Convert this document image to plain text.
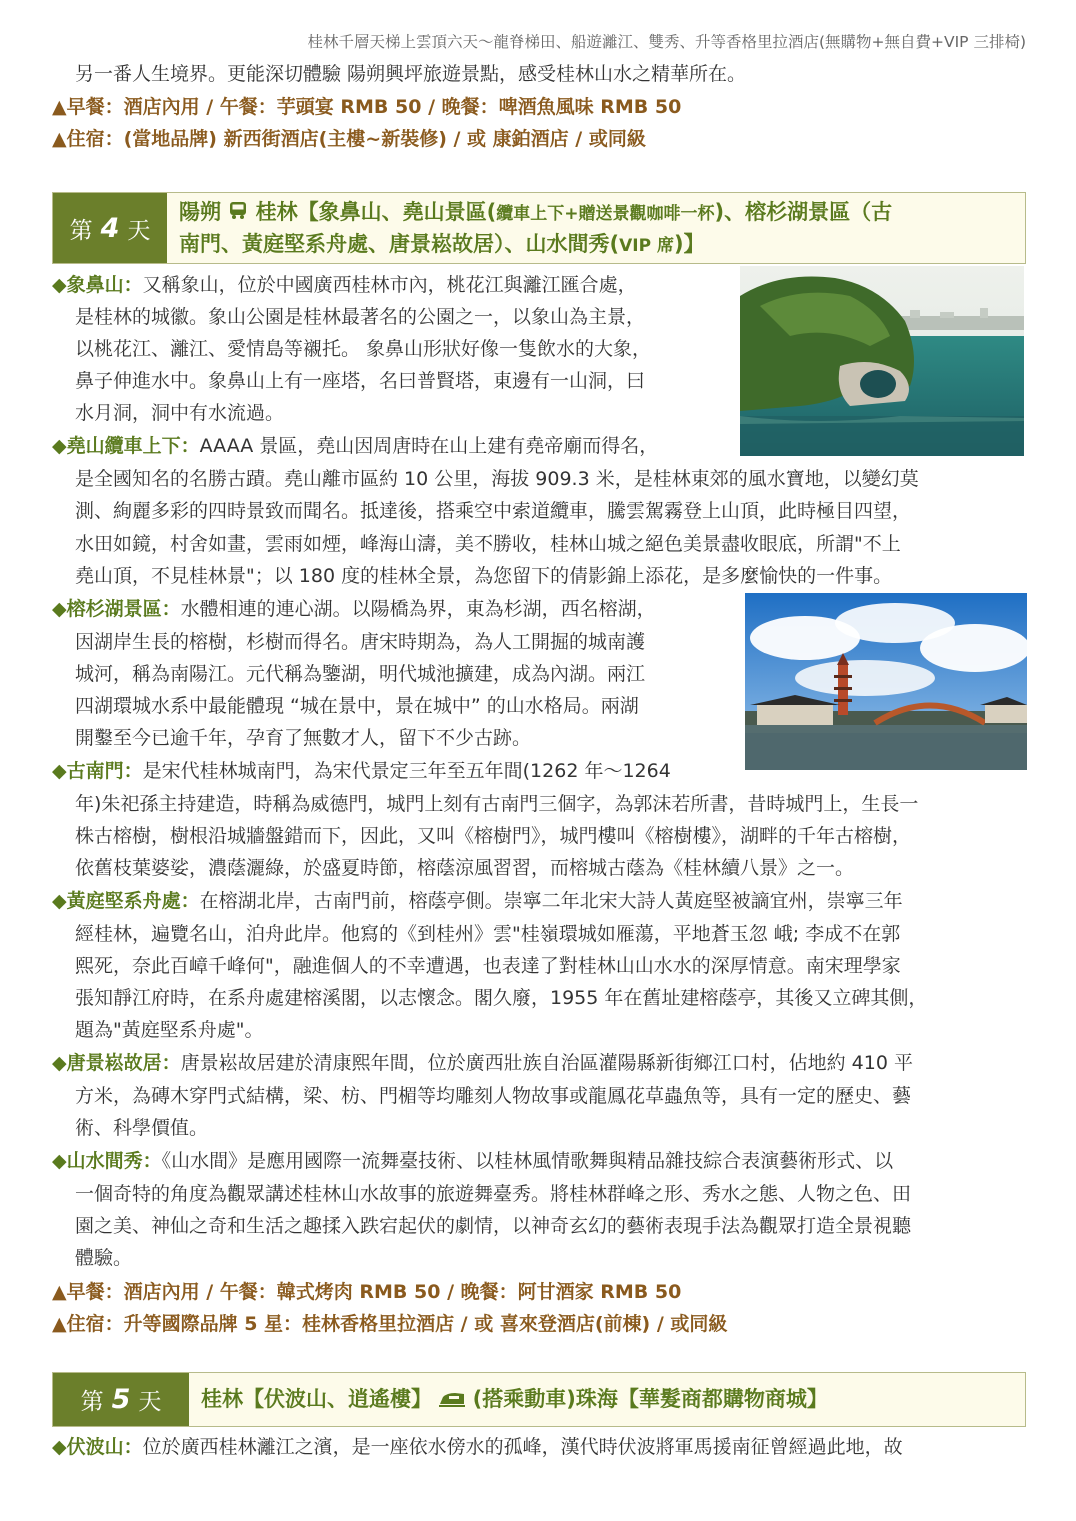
桂林千層天梯上雲頂六天～龍脊梯田、船遊灕江、雙秀、升等香格里拉酒店(無購物+無自費+VIP 三排椅)
另一番人生境界。更能深切體驗 陽朔興坪旅遊景點，感受桂林山水之精華所在。
▲早餐：酒店內用 / 午餐：芋頭宴 RMB 50 / 晚餐：啤酒魚風味 RMB 50
▲住宿：(當地品牌) 新西街酒店(主樓~新裝修) / 或 康鉑酒店 / 或同級
第 4 天
陽朔 桂林【象鼻山、堯山景區(纜車上下+贈送景觀咖啡一杯)、榕杉湖景區（古
南門、黃庭堅系舟處、唐景崧故居）、山水間秀(VIP 席)】
◆象鼻山：又稱象山，位於中國廣西桂林市內，桃花江與灕江匯合處，
是桂林的城徽。象山公園是桂林最著名的公園之一，以象山為主景，
以桃花江、灕江、愛情島等襯托。 象鼻山形狀好像一隻飲水的大象，
鼻子伸進水中。象鼻山上有一座塔，名曰普賢塔，東邊有一山洞，曰
水月洞，洞中有水流過。
◆堯山纜車上下：AAAA 景區，堯山因周唐時在山上建有堯帝廟而得名，
是全國知名的名勝古蹟。堯山離市區約 10 公里，海拔 909.3 米，是桂林東郊的風水寶地，以變幻莫
測、絢麗多彩的四時景致而聞名。抵達後，搭乘空中索道纜車，騰雲駕霧登上山頂，此時極目四望，
水田如鏡，村舍如畫，雲雨如煙，峰海山濤，美不勝收，桂林山城之絕色美景盡收眼底，所謂"不上
堯山頂，不見桂林景"；以 180 度的桂林全景，為您留下的倩影錦上添花，是多麼愉快的一件事。
◆榕杉湖景區：水體相連的連心湖。以陽橋為界，東為杉湖，西名榕湖，
因湖岸生長的榕樹，杉樹而得名。唐宋時期為，為人工開掘的城南護
城河，稱為南陽江。元代稱為鑒湖，明代城池擴建，成為內湖。兩江
四湖環城水系中最能體現 “城在景中，景在城中” 的山水格局。兩湖
開鑿至今已逾千年，孕育了無數才人，留下不少古跡。
◆古南門：是宋代桂林城南門，為宋代景定三年至五年間(1262 年～1264
年)朱祀孫主持建造，時稱為威德門，城門上刻有古南門三個字，為郭沫若所書，昔時城門上，生長一
株古榕樹，樹根沿城牆盤錯而下，因此，又叫《榕樹門》，城門樓叫《榕樹樓》，湖畔的千年古榕樹，
依舊枝葉婆娑，濃蔭灑綠，於盛夏時節，榕蔭涼風習習，而榕城古蔭為《桂林續八景》之一。
◆黃庭堅系舟處：在榕湖北岸，古南門前，榕蔭亭側。崇寧二年北宋大詩人黃庭堅被謫宜州，崇寧三年
經桂林，遍覽名山，泊舟此岸。他寫的《到桂州》雲"桂嶺環城如雁蕩，平地蒼玉忽 峨; 李成不在郭
熙死，奈此百嶂千峰何"，融進個人的不幸遭遇，也表達了對桂林山山水水的深厚情意。南宋理學家
張知靜江府時，在系舟處建榕溪閣，以志懷念。閣久廢，1955 年在舊址建榕蔭亭，其後又立碑其側，
題為"黃庭堅系舟處"。
◆唐景崧故居：唐景崧故居建於清康熙年間，位於廣西壯族自治區灌陽縣新街鄉江口村，佔地約 410 平
方米，為磚木穿門式結構，梁、枋、門楣等均雕刻人物故事或龍鳳花草蟲魚等，具有一定的歷史、藝
術、科學價值。
◆山水間秀：《山水間》是應用國際一流舞臺技術、以桂林風情歌舞與精品雜技綜合表演藝術形式、以
一個奇特的角度為觀眾講述桂林山水故事的旅遊舞臺秀。將桂林群峰之形、秀水之態、人物之色、田
園之美、神仙之奇和生活之趣揉入跌宕起伏的劇情，以神奇玄幻的藝術表現手法為觀眾打造全景視聽
體驗。
▲早餐：酒店內用 / 午餐：韓式烤肉 RMB 50 / 晚餐：阿甘酒家 RMB 50
▲住宿：升等國際品牌 5 星：桂林香格里拉酒店 / 或 喜來登酒店(前棟) / 或同級
第 5 天 桂林【伏波山、逍遙樓】 (搭乘動車)珠海【華髮商都購物商城】
◆伏波山：位於廣西桂林灕江之濱，是一座依水傍水的孤峰，漢代時伏波將軍馬援南征曾經過此地，故
